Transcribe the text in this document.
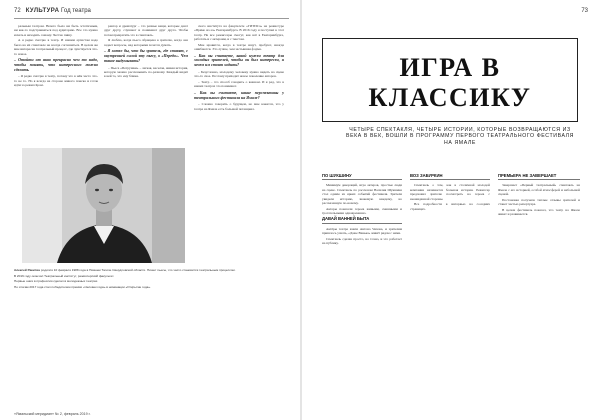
72 КУЛЬТУРА Год театра

ральным театром. Нечего было ни быть эстетичным, ни как-то подстраиваться под аудиторию. Все это нужно искать и находить самому. Честно пишу.

А я редко смотрю в театр. И нашим артистам надо было на их спектакле не всегда соглашаться. В целом же мне интересен театральный процесс, где чувствуется что-то новое.

– Отойти от явно прекрасно чем то надо, чтобы понять, что интересного можно сделать.

– Я редко смотрю в театр, потому что в нём часто что-то не то. Но я всегда на стороне живого поиска и готов идти за режиссёром.

ректор и драматург – это разные вещи, которые дают друг другу, слушают и понимают друг друга. Чтобы потом превратить это в спектакль.

Я люблю, когда пьеса обращена к зрителю, когда она задает вопросы, над которыми хочется думать.

– Я хотел бы, что бы зритель, где ставят, с внутренней силой эту пьесу, в «Передо». Чем такое выдумывать?

– Пьеса «Петрушки» – легкая, веселая, живая история, которую можно рассказывать по-разному. Каждый видит в ней то, что ему ближе.

ского института на факультете «ГИТИСа» на режиссуре «Прямо из-за» Екатеринбурга. В 2016 году я поступил в этот театр. Не все режиссеры смогут, как всё в Екатеринбурге, работать и с актерами, и с текстом.

Мне нравится, когда в театре ищут, пробуют, иногда ошибаются. Это лучше, чем застывшая форма.

– Как вы считаете, какой нужен театр для молодых зрителей, чтобы он был интересен, и зачем им стоит ходить?

– Безусловно, молодому человеку нужно видеть на сцене что-то свое. Поэтому приходит новое поколение авторов.

– Театр – это способ говорить о важном. И я рад, что в наших театрах это понимают.

– Как вы считаете, какие перспективы у театрального фестиваля на Ямале?

– Сложно говорить о будущем, но мне кажется, что у театра на Ямале есть большой потенциал.

Алексей Ракитин родился 10 февраля 1988 года в Нижнем Тагиле Свердловской области. Пишет пьесы, что часто становится театральным процессом.

В 2016 году окончил Театральный институт, режиссерский факультет.

Первые шаги в профессии сделал в молодежных театрах.

По итогам 2017 года стал победителем премии «Человек года» в номинации «Открытие года».

«Ямальский меридиан» № 2, февраль 2019 г.
73
ИГРА В КЛАССИКУ
ЧЕТЫРЕ СПЕКТАКЛЯ, ЧЕТЫРЕ ИСТОРИИ, КОТОРЫЕ ВОЗВРАЩАЮТСЯ ИЗ ВЕКА В ВЕК, ВОШЛИ В ПРОГРАММУ ПЕРВОГО ТЕАТРАЛЬНОГО ФЕСТИВАЛЯ НА ЯМАЛЕ
ПО ШУКШИНУ

Минимум декораций, игра актеров, простые люди на сцене. Спектакль по рассказам Василия Шукшина стал одним из ярких событий фестиваля. Зрители увидели историю, знакомую каждому, но рассказанную по-новому.

Актеры показали героев живыми, смешными и трогательными одновременно.

ДАВАЙ ВАННЕЙ БЫТА

Актёры театра взяли Антона Чехова, и зрителям пришлось узнать, «Даже Ванька» живёт рядом с нами.

Спектакль сделан просто, но точно, и это работает на публику.

ВОЗ ЗАБУРКИН

Спектакль о том, как в столичной молодой компании начинается большая история. Режиссер предложил зрителю посмотреть на героев с неожиданной стороны.

Все подробности в интервью на соседних страницах.

ПРЕМЬЕРА НЕ ЗАВЕРШАЕТ

Завершает «Первый театральный» спектакль на Ямале с его историей, особой атмосферой и небольшой сценой.

Постановка получила теплые отзывы зрителей и станет частью репертуара.

В целом фестиваль показал, что театр на Ямале живет и развивается.
